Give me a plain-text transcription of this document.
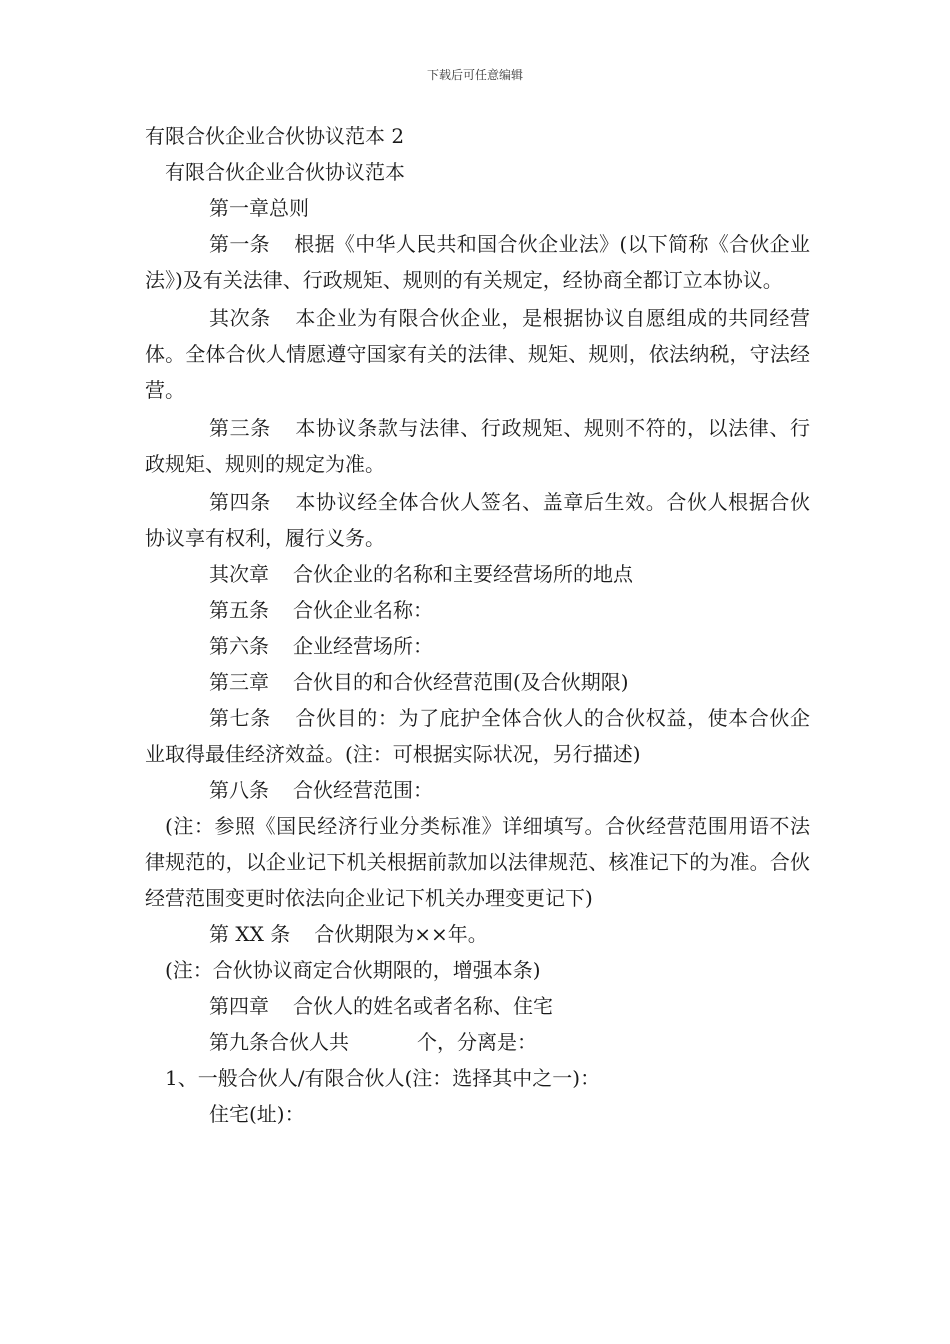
下载后可任意编辑
有限合伙企业合伙协议范本 2
有限合伙企业合伙协议范本
第一章总则
第一条 根据《中华人民共和国合伙企业法》(以下简称《合伙企业法》)及有关法律、行政规矩、规则的有关规定，经协商全都订立本协议。
其次条 本企业为有限合伙企业，是根据协议自愿组成的共同经营体。全体合伙人情愿遵守国家有关的法律、规矩、规则，依法纳税，守法经营。
第三条 本协议条款与法律、行政规矩、规则不符的，以法律、行政规矩、规则的规定为准。
第四条 本协议经全体合伙人签名、盖章后生效。合伙人根据合伙协议享有权利，履行义务。
其次章 合伙企业的名称和主要经营场所的地点
第五条 合伙企业名称：
第六条 企业经营场所：
第三章 合伙目的和合伙经营范围(及合伙期限)
第七条 合伙目的：为了庇护全体合伙人的合伙权益，使本合伙企业取得最佳经济效益。(注：可根据实际状况，另行描述)
第八条 合伙经营范围：
(注：参照《国民经济行业分类标准》详细填写。合伙经营范围用语不法律规范的，以企业记下机关根据前款加以法律规范、核准记下的为准。合伙经营范围变更时依法向企业记下机关办理变更记下)
第 XX 条 合伙期限为××年。
(注：合伙协议商定合伙期限的，增强本条)
第四章 合伙人的姓名或者名称、住宅
第九条合伙人共	个，分离是：
1、一般合伙人/有限合伙人(注：选择其中之一)：
住宅(址)：
